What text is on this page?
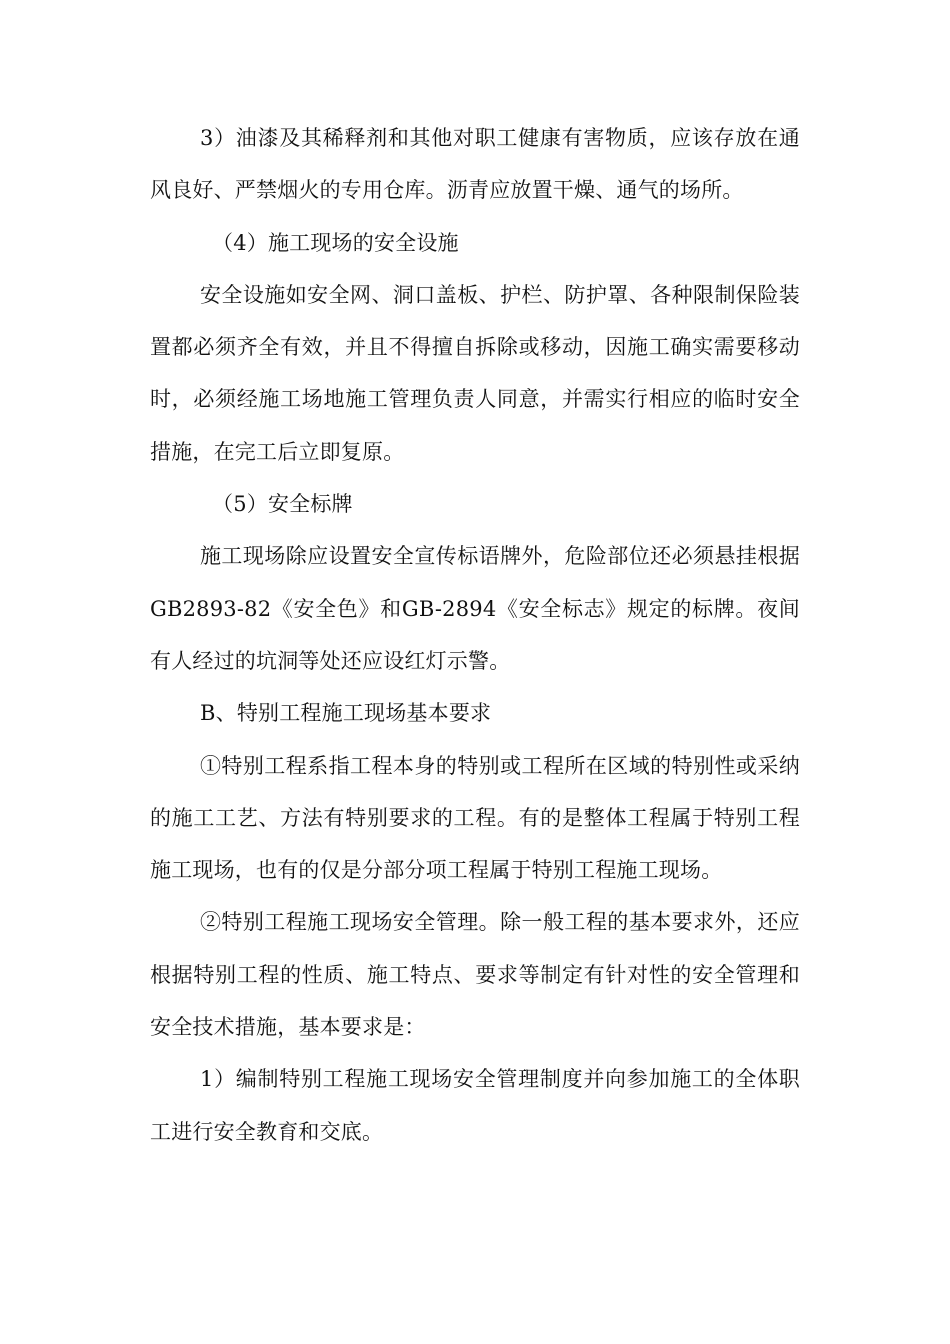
3）油漆及其稀释剂和其他对职工健康有害物质，应该存放在通风良好、严禁烟火的专用仓库。沥青应放置干燥、通气的场所。

（4）施工现场的安全设施

安全设施如安全网、洞口盖板、护栏、防护罩、各种限制保险装置都必须齐全有效，并且不得擅自拆除或移动，因施工确实需要移动时，必须经施工场地施工管理负责人同意，并需实行相应的临时安全措施，在完工后立即复原。

（5）安全标牌

施工现场除应设置安全宣传标语牌外，危险部位还必须悬挂根据GB2893-82《安全色》和GB-2894《安全标志》规定的标牌。夜间有人经过的坑洞等处还应设红灯示警。

B、特别工程施工现场基本要求

①特别工程系指工程本身的特别或工程所在区域的特别性或采纳的施工工艺、方法有特别要求的工程。有的是整体工程属于特别工程施工现场，也有的仅是分部分项工程属于特别工程施工现场。

②特别工程施工现场安全管理。除一般工程的基本要求外，还应根据特别工程的性质、施工特点、要求等制定有针对性的安全管理和安全技术措施，基本要求是：

1）编制特别工程施工现场安全管理制度并向参加施工的全体职工进行安全教育和交底。
